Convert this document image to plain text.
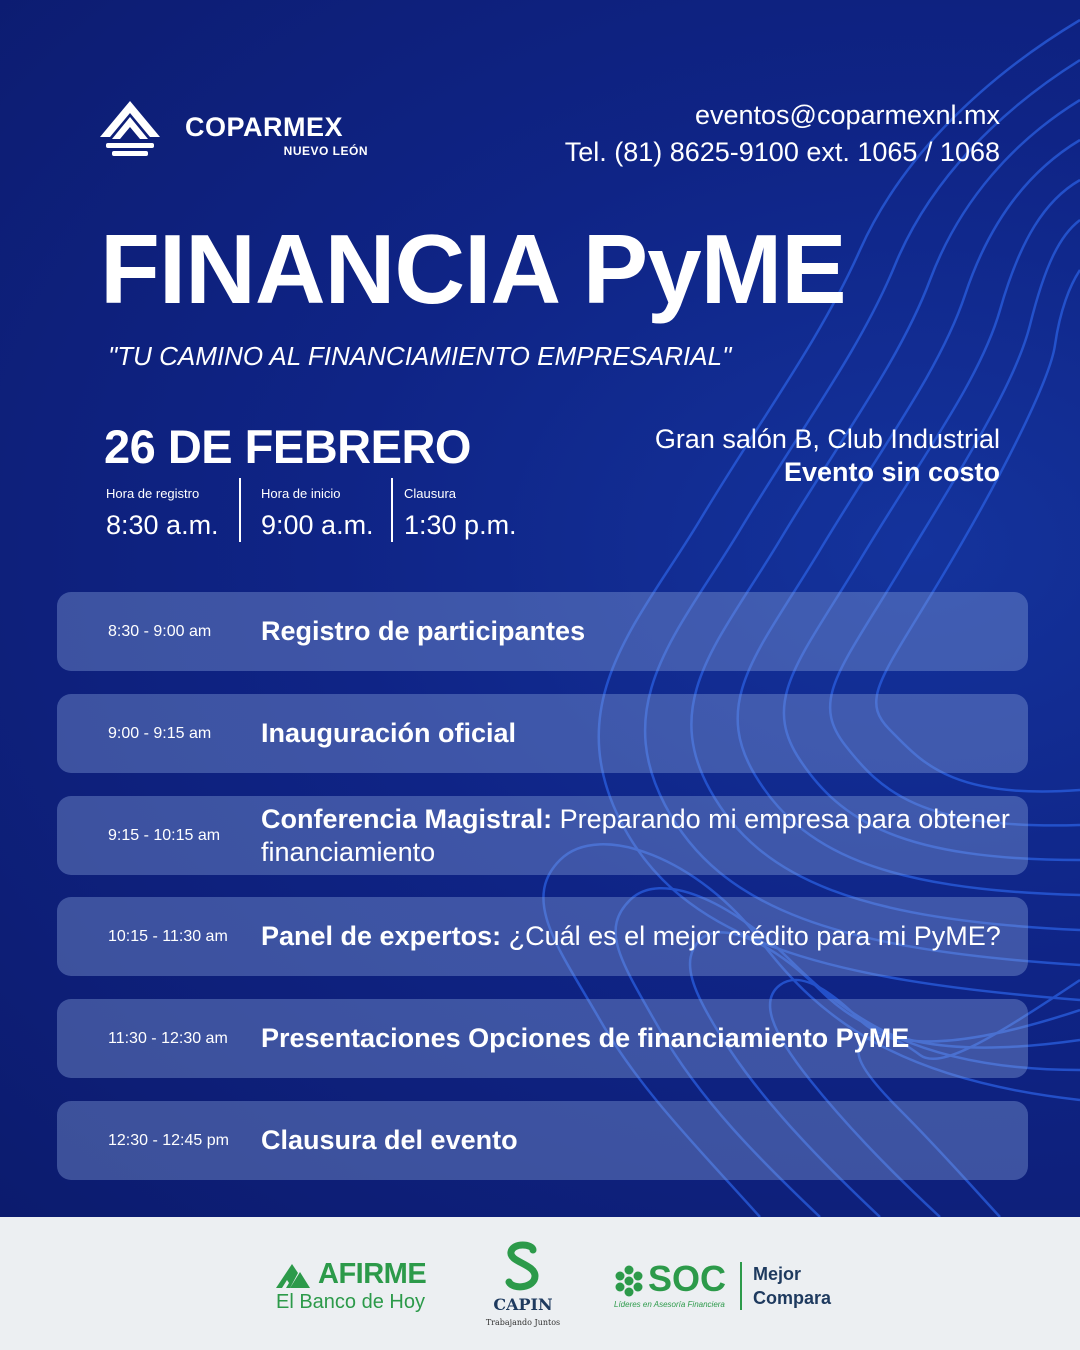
COPARMEX
NUEVO LEÓN
eventos@coparmexnl.mx
Tel. (81) 8625-9100 ext. 1065 / 1068
FINANCIA PyME
"TU CAMINO AL FINANCIAMIENTO EMPRESARIAL"
26 DE FEBRERO
Hora de registro
8:30 a.m.
Hora de inicio
9:00 a.m.
Clausura
1:30 p.m.
Gran salón B, Club Industrial
Evento sin costo
8:30 - 9:00 am Registro de participantes
9:00 - 9:15 am Inauguración oficial
9:15 - 10:15 am
Conferencia Magistral: Preparando mi empresa para obtener financiamiento
10:15 - 11:30 am Panel de expertos: ¿Cuál es el mejor crédito para mi PyME?
11:30 - 12:30 am Presentaciones Opciones de financiamiento PyME
12:30 - 12:45 pm Clausura del evento
AFIRME
El Banco de Hoy	CAPIN
Trabajando Juntos
SOC
Líderes en Asesoría Financiera
Mejor
Compara
